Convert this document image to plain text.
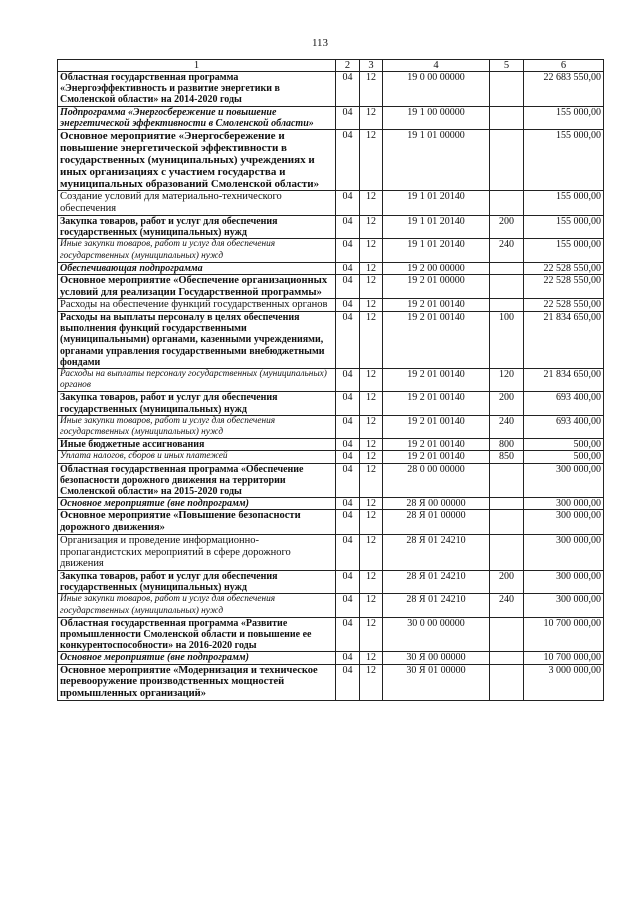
113
1	2	3	4	5	6
Областная государственная программа «Энергоэффективность и развитие энергетики в Смоленской области» на 2014-2020 годы	04	12	19 0 00 00000		22 683 550,00
Подпрограмма «Энергосбережение и повышение энергетической эффективности в Смоленской области»	04	12	19 1 00 00000		155 000,00
Основное мероприятие «Энергосбережение и повышение энергетической эффективности в государственных (муниципальных) учреждениях и иных организациях с участием государства и муниципальных образований Смоленской области»	04	12	19 1 01 00000		155 000,00
Создание условий для материально-технического обеспечения	04	12	19 1 01 20140		155 000,00
Закупка товаров, работ и услуг для обеспечения государственных (муниципальных) нужд	04	12	19 1 01 20140	200	155 000,00
Иные закупки товаров, работ и услуг для обеспечения государственных (муниципальных) нужд	04	12	19 1 01 20140	240	155 000,00
Обеспечивающая подпрограмма	04	12	19 2 00 00000		22 528 550,00
Основное мероприятие «Обеспечение организационных условий для реализации Государственной программы»	04	12	19 2 01 00000		22 528 550,00
Расходы на обеспечение функций государственных органов	04	12	19 2 01 00140		22 528 550,00
Расходы на выплаты персоналу в целях обеспечения выполнения функций государственными (муниципальными) органами, казенными учреждениями, органами управления государственными внебюджетными фондами	04	12	19 2 01 00140	100	21 834 650,00
Расходы на выплаты персоналу государственных (муниципальных) органов	04	12	19 2 01 00140	120	21 834 650,00
Закупка товаров, работ и услуг для обеспечения государственных (муниципальных) нужд	04	12	19 2 01 00140	200	693 400,00
Иные закупки товаров, работ и услуг для обеспечения государственных (муниципальных) нужд	04	12	19 2 01 00140	240	693 400,00
Иные бюджетные ассигнования	04	12	19 2 01 00140	800	500,00
Уплата налогов, сборов и иных платежей	04	12	19 2 01 00140	850	500,00
Областная государственная программа «Обеспечение безопасности дорожного движения на территории Смоленской области» на 2015-2020 годы	04	12	28 0 00 00000		300 000,00
Основное мероприятие (вне подпрограмм)	04	12	28 Я 00 00000		300 000,00
Основное мероприятие «Повышение безопасности дорожного движения»	04	12	28 Я 01 00000		300 000,00
Организация и проведение информационно-пропагандистских мероприятий в сфере дорожного движения	04	12	28 Я 01 24210		300 000,00
Закупка товаров, работ и услуг для обеспечения государственных (муниципальных) нужд	04	12	28 Я 01 24210	200	300 000,00
Иные закупки товаров, работ и услуг для обеспечения государственных (муниципальных) нужд	04	12	28 Я 01 24210	240	300 000,00
Областная государственная программа «Развитие промышленности Смоленской области и повышение ее конкурентоспособности» на 2016-2020 годы	04	12	30 0 00 00000		10 700 000,00
Основное мероприятие (вне подпрограмм)	04	12	30 Я 00 00000		10 700 000,00
Основное мероприятие «Модернизация и техническое перевооружение производственных мощностей промышленных организаций»	04	12	30 Я 01 00000		3 000 000,00
